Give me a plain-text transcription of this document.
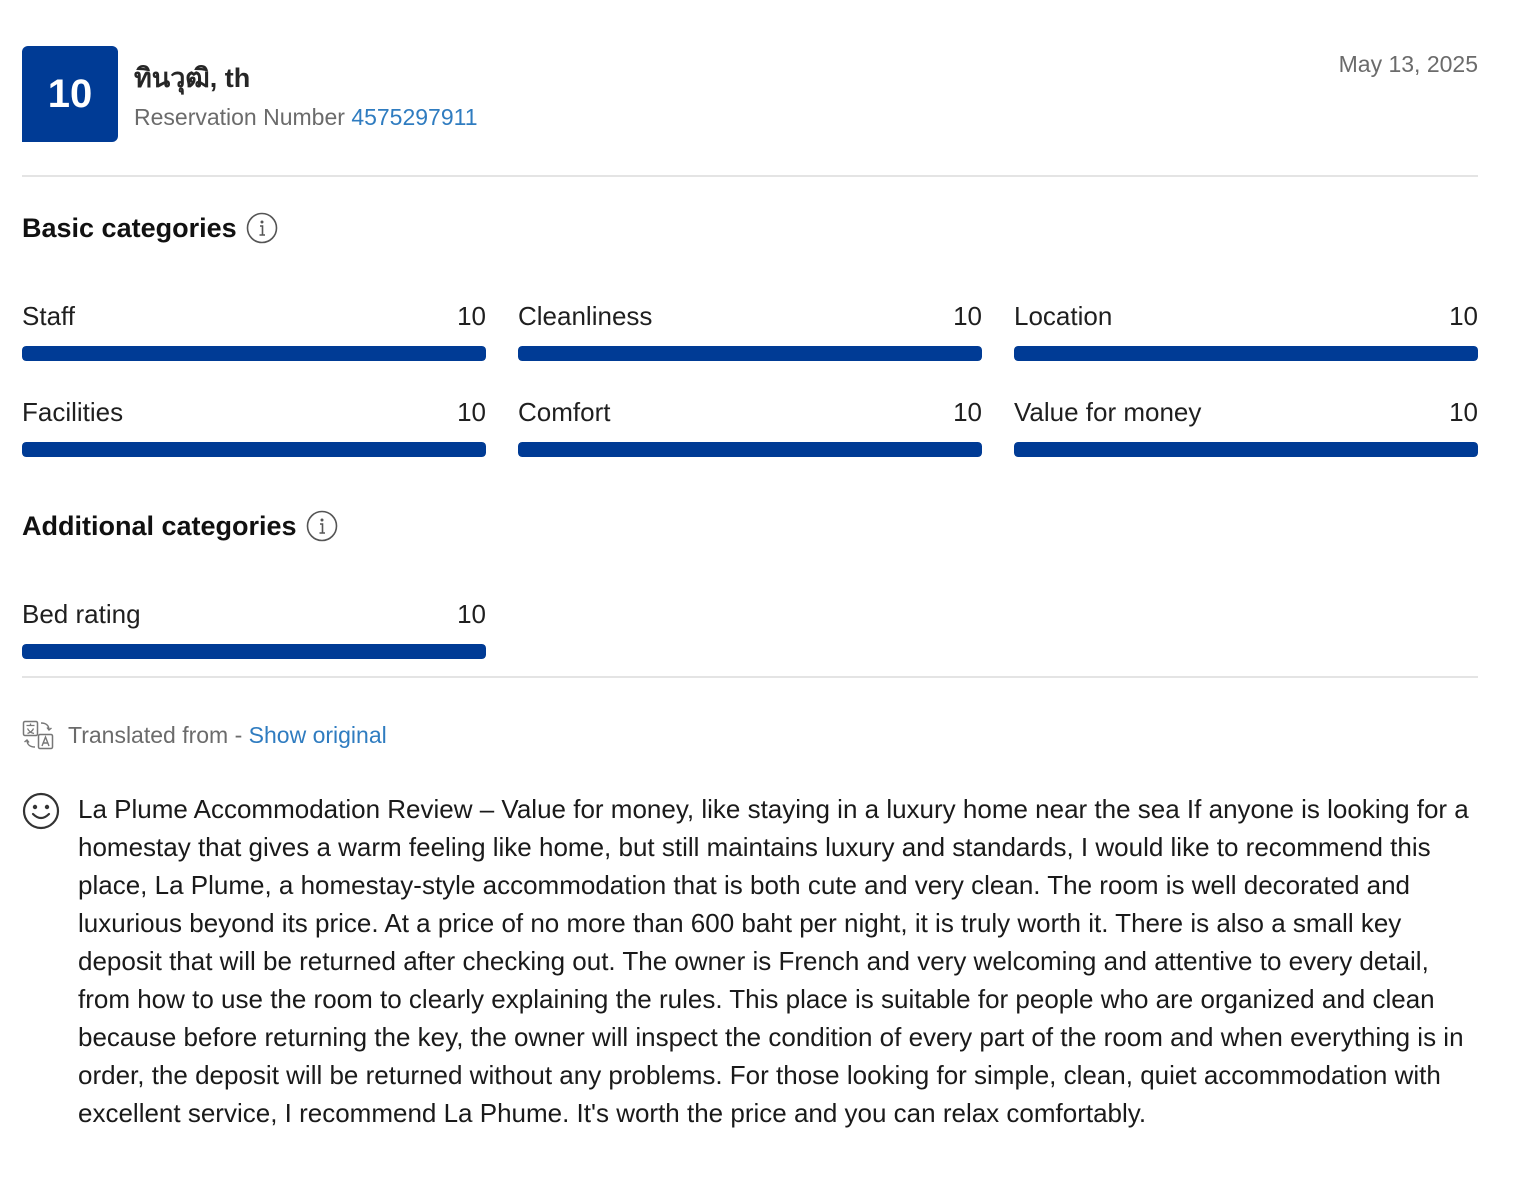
10	ทินวุฒิ, th
Reservation Number 4575297911
May 13, 2025
Basic categories
Staff	10 Cleanliness	10 Location	10
Facilities	10 Comfort	10 Value for money	10
Additional categories
Bed rating	10
Translated from -
Show original
La Plume Accommodation Review – Value for money, like staying in a luxury home near the sea If anyone is looking for a homestay that gives a warm feeling like home, but still maintains luxury and standards, I would like to recommend this place, La Plume, a homestay-style accommodation that is both cute and very clean. The room is well decorated and luxurious beyond its price. At a price of no more than 600 baht per night, it is truly worth it. There is also a small key deposit that will be returned after checking out. The owner is French and very welcoming and attentive to every detail, from how to use the room to clearly explaining the rules. This place is suitable for people who are organized and clean because before returning the key, the owner will inspect the condition of every part of the room and when everything is in order, the deposit will be returned without any problems. For those looking for simple, clean, quiet accommodation with excellent service, I recommend La Phume. It's worth the price and you can relax comfortably.
